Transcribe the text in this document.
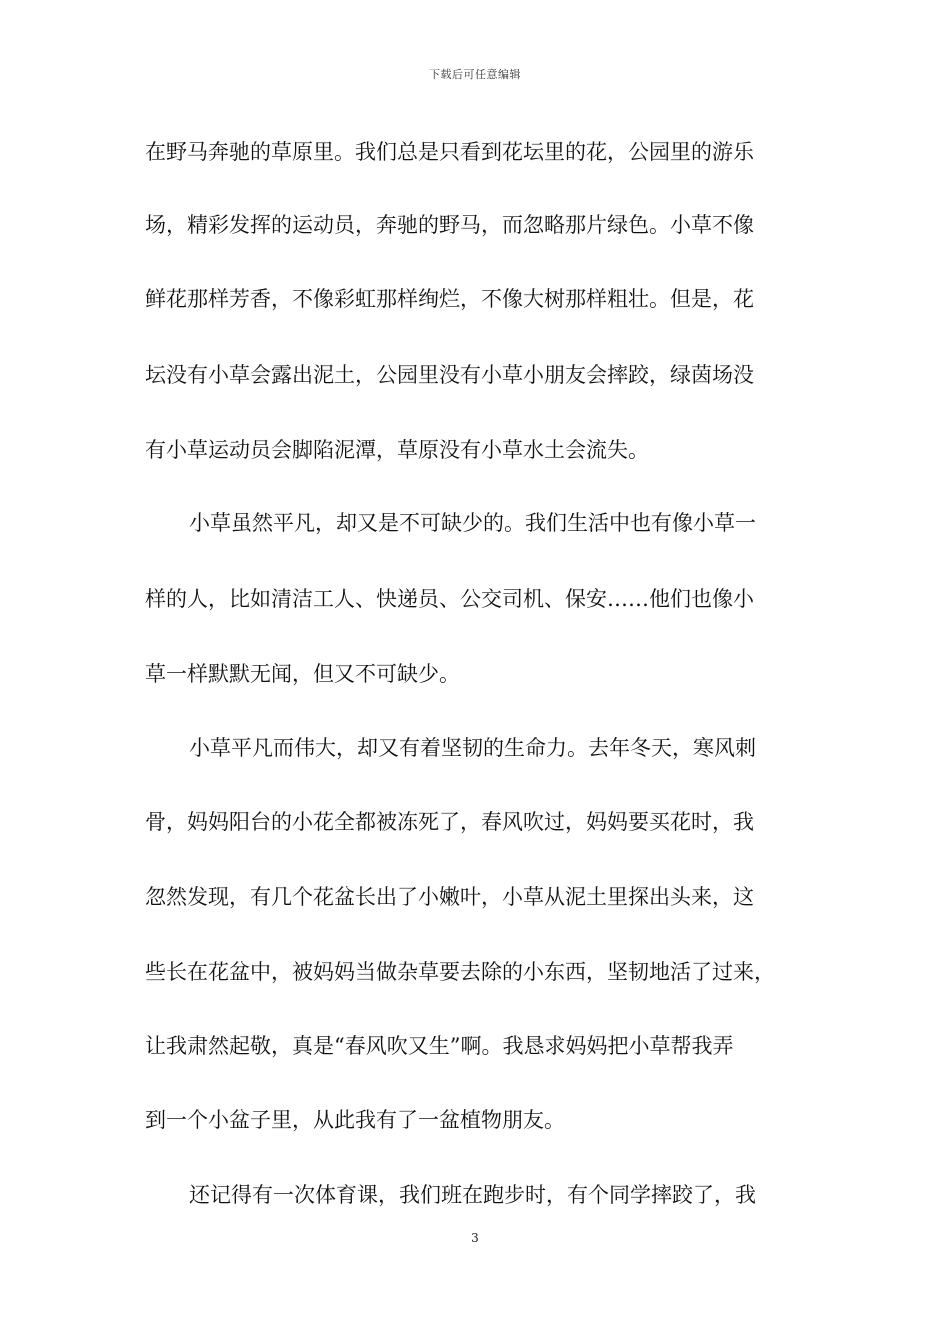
下载后可任意编辑
在野马奔驰的草原里。我们总是只看到花坛里的花，公园里的游乐
场，精彩发挥的运动员，奔驰的野马，而忽略那片绿色。小草不像
鲜花那样芳香，不像彩虹那样绚烂，不像大树那样粗壮。但是，花
坛没有小草会露出泥土，公园里没有小草小朋友会摔跤，绿茵场没
有小草运动员会脚陷泥潭，草原没有小草水土会流失。
小草虽然平凡，却又是不可缺少的。我们生活中也有像小草一
样的人，比如清洁工人、快递员、公交司机、保安……他们也像小
草一样默默无闻，但又不可缺少。
小草平凡而伟大，却又有着坚韧的生命力。去年冬天，寒风刺
骨，妈妈阳台的小花全都被冻死了，春风吹过，妈妈要买花时，我
忽然发现，有几个花盆长出了小嫩叶，小草从泥土里探出头来，这
些长在花盆中，被妈妈当做杂草要去除的小东西，坚韧地活了过来，
让我肃然起敬，真是“春风吹又生”啊。我恳求妈妈把小草帮我弄
到一个小盆子里，从此我有了一盆植物朋友。
还记得有一次体育课，我们班在跑步时，有个同学摔跤了，我
3
